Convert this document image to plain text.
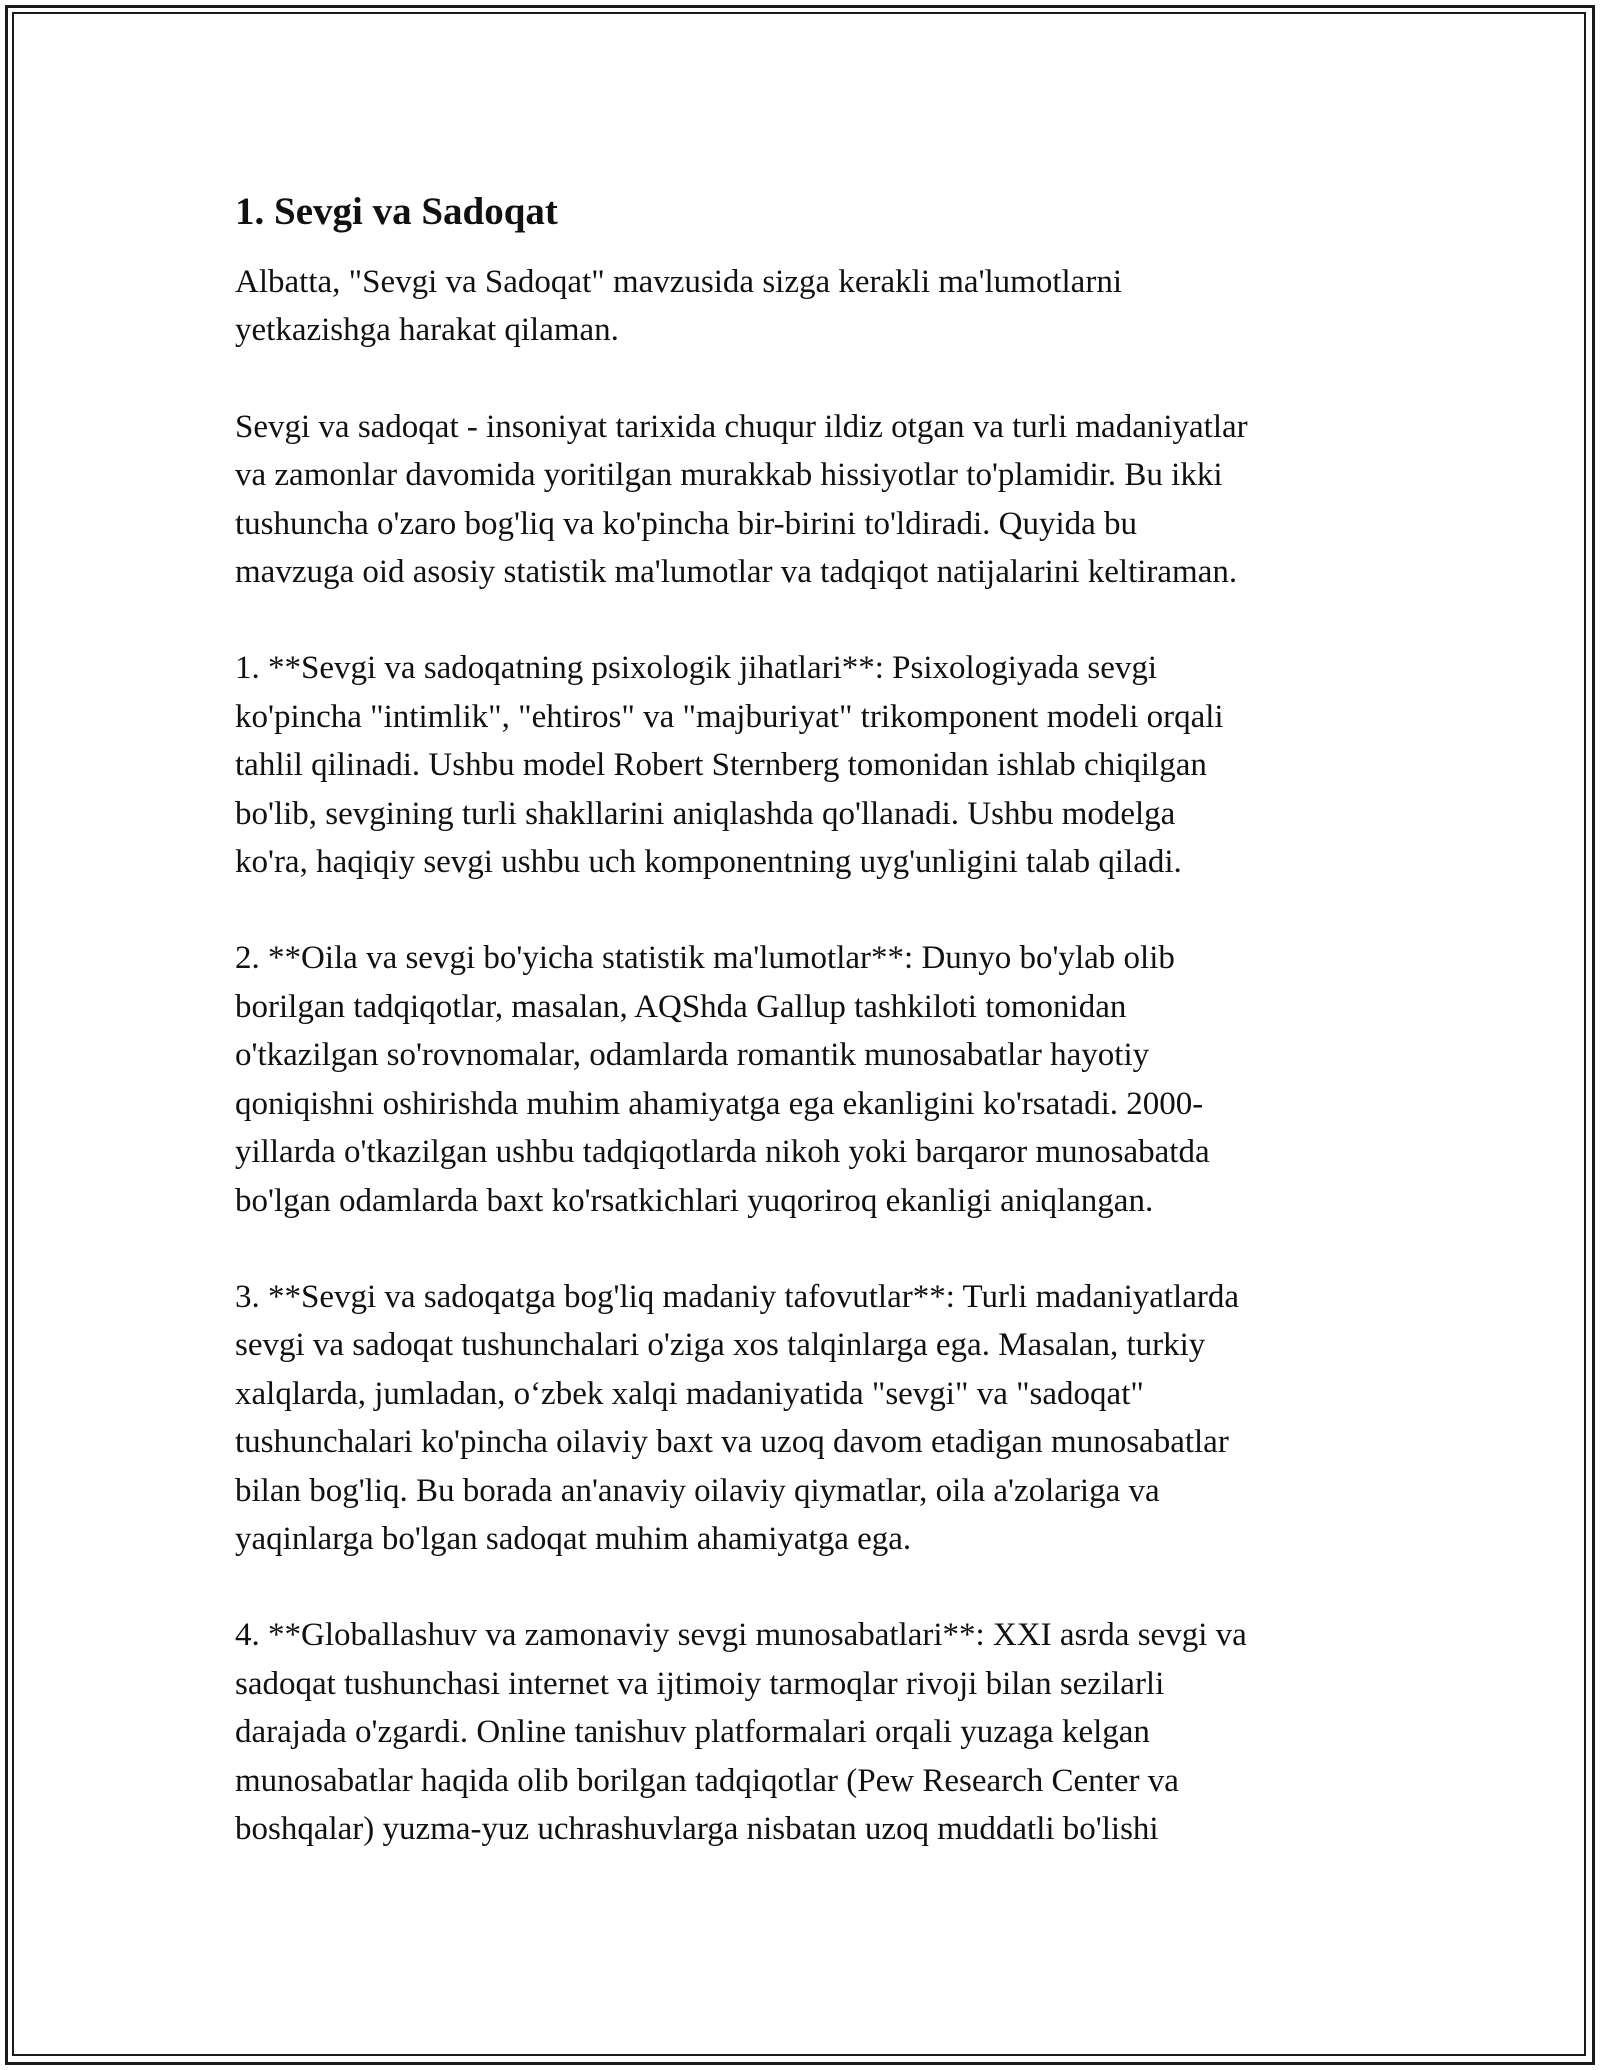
1. Sevgi va Sadoqat

Albatta, "Sevgi va Sadoqat" mavzusida sizga kerakli ma'lumotlarni
yetkazishga harakat qilaman.

Sevgi va sadoqat - insoniyat tarixida chuqur ildiz otgan va turli madaniyatlar
va zamonlar davomida yoritilgan murakkab hissiyotlar to'plamidir. Bu ikki
tushuncha o'zaro bog'liq va ko'pincha bir-birini to'ldiradi. Quyida bu
mavzuga oid asosiy statistik ma'lumotlar va tadqiqot natijalarini keltiraman.

1. **Sevgi va sadoqatning psixologik jihatlari**: Psixologiyada sevgi
ko'pincha "intimlik", "ehtiros" va "majburiyat" trikomponent modeli orqali
tahlil qilinadi. Ushbu model Robert Sternberg tomonidan ishlab chiqilgan
bo'lib, sevgining turli shakllarini aniqlashda qo'llanadi. Ushbu modelga
ko'ra, haqiqiy sevgi ushbu uch komponentning uyg'unligini talab qiladi.

2. **Oila va sevgi bo'yicha statistik ma'lumotlar**: Dunyo bo'ylab olib
borilgan tadqiqotlar, masalan, AQShda Gallup tashkiloti tomonidan
o'tkazilgan so'rovnomalar, odamlarda romantik munosabatlar hayotiy
qoniqishni oshirishda muhim ahamiyatga ega ekanligini ko'rsatadi. 2000-
yillarda o'tkazilgan ushbu tadqiqotlarda nikoh yoki barqaror munosabatda
bo'lgan odamlarda baxt ko'rsatkichlari yuqoriroq ekanligi aniqlangan.

3. **Sevgi va sadoqatga bog'liq madaniy tafovutlar**: Turli madaniyatlarda
sevgi va sadoqat tushunchalari o'ziga xos talqinlarga ega. Masalan, turkiy
xalqlarda, jumladan, o‘zbek xalqi madaniyatida "sevgi" va "sadoqat"
tushunchalari ko'pincha oilaviy baxt va uzoq davom etadigan munosabatlar
bilan bog'liq. Bu borada an'anaviy oilaviy qiymatlar, oila a'zolariga va
yaqinlarga bo'lgan sadoqat muhim ahamiyatga ega.

4. **Globallashuv va zamonaviy sevgi munosabatlari**: XXI asrda sevgi va
sadoqat tushunchasi internet va ijtimoiy tarmoqlar rivoji bilan sezilarli
darajada o'zgardi. Online tanishuv platformalari orqali yuzaga kelgan
munosabatlar haqida olib borilgan tadqiqotlar (Pew Research Center va
boshqalar) yuzma-yuz uchrashuvlarga nisbatan uzoq muddatli bo'lishi
